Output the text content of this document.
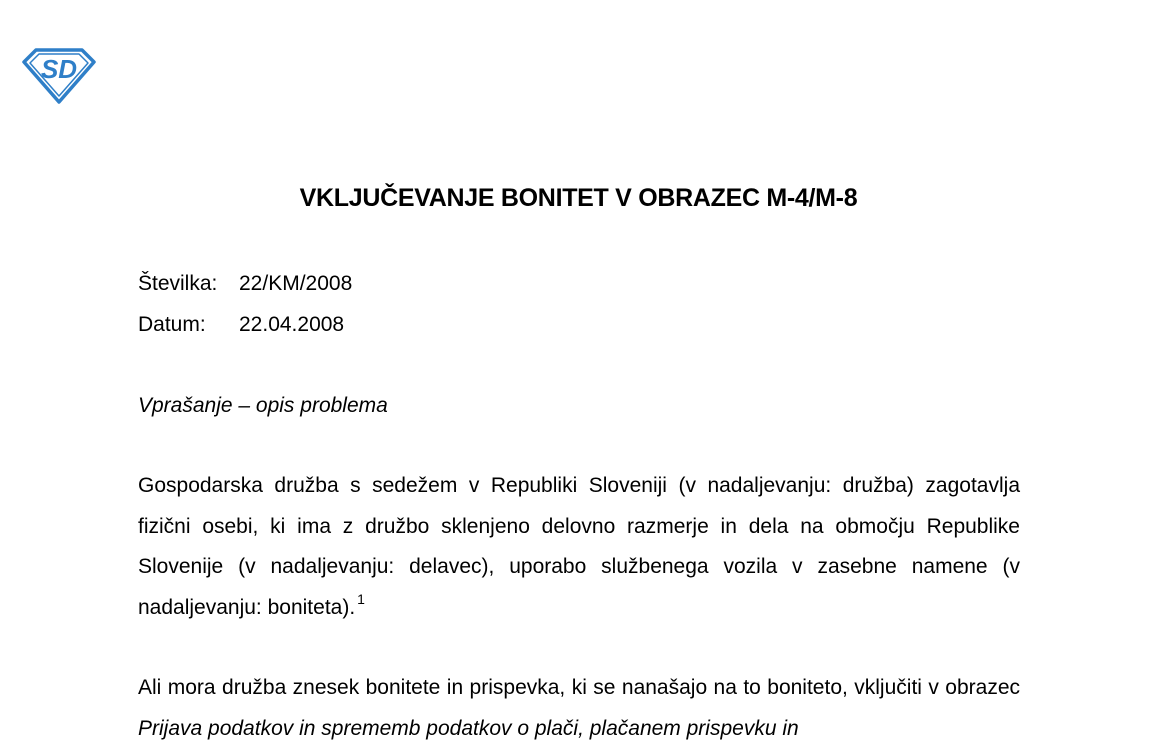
SD
VKLJUČEVANJE BONITET V OBRAZEC M-4/M-8
Številka: 22/KM/2008
Datum: 22.04.2008
Vprašanje – opis problema
Gospodarska družba s sedežem v Republiki Sloveniji (v nadaljevanju: družba) zagotavlja fizični osebi, ki ima z družbo sklenjeno delovno razmerje in dela na območju Republike Slovenije (v nadaljevanju: delavec), uporabo službenega vozila v zasebne namene (v nadaljevanju: boniteta). $^1$
Ali mora družba znesek bonitete in prispevka, ki se nanašajo na to boniteto, vključiti v obrazec Prijava podatkov in sprememb podatkov o plači, plačanem prispevku in
